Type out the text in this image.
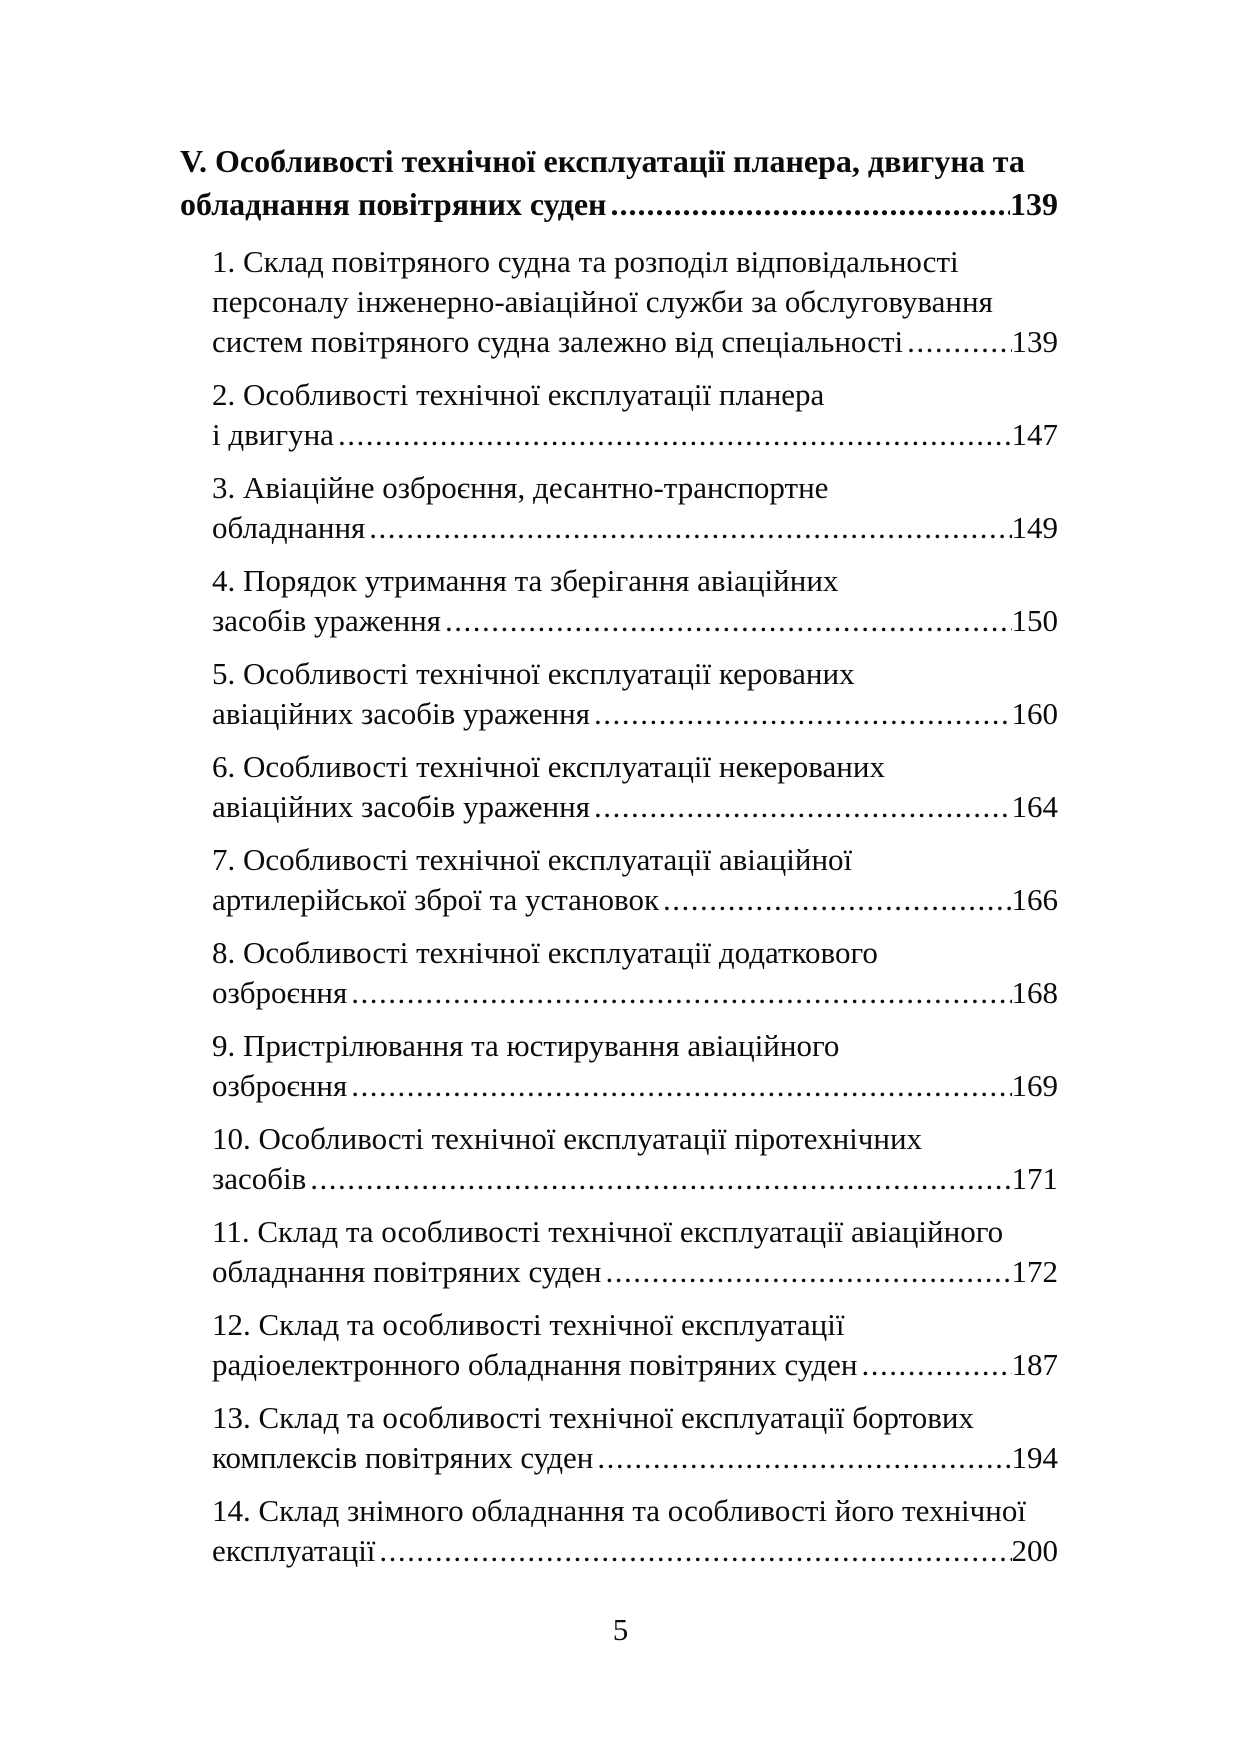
V. Особливості технічної експлуатації планера, двигуна та
обладнання повітряних суден .....	139
1. Склад повітряного судна та розподіл відповідальності
персоналу інженерно-авіаційної служби за обслуговування
систем повітряного судна залежно від спеціальності .....	139
2. Особливості технічної експлуатації планера
і двигуна .....	147
3. Авіаційне озброєння, десантно-транспортне
обладнання .....	149
4. Порядок утримання та зберігання авіаційних
засобів ураження .....	150
5. Особливості технічної експлуатації керованих
авіаційних засобів ураження .....	160
6. Особливості технічної експлуатації некерованих
авіаційних засобів ураження .....	164
7. Особливості технічної експлуатації авіаційної
артилерійської зброї та установок .....	166
8. Особливості технічної експлуатації додаткового
озброєння .....	168
9. Пристрілювання та юстирування авіаційного
озброєння .....	169
10. Особливості технічної експлуатації піротехнічних
засобів .....	171
11. Склад та особливості технічної експлуатації авіаційного
обладнання повітряних суден .....	172
12. Склад та особливості технічної експлуатації
радіоелектронного обладнання повітряних суден .....	187
13. Склад та особливості технічної експлуатації бортових
комплексів повітряних суден .....	194
14. Склад знімного обладнання та особливості його технічної
експлуатації .....	200
5
